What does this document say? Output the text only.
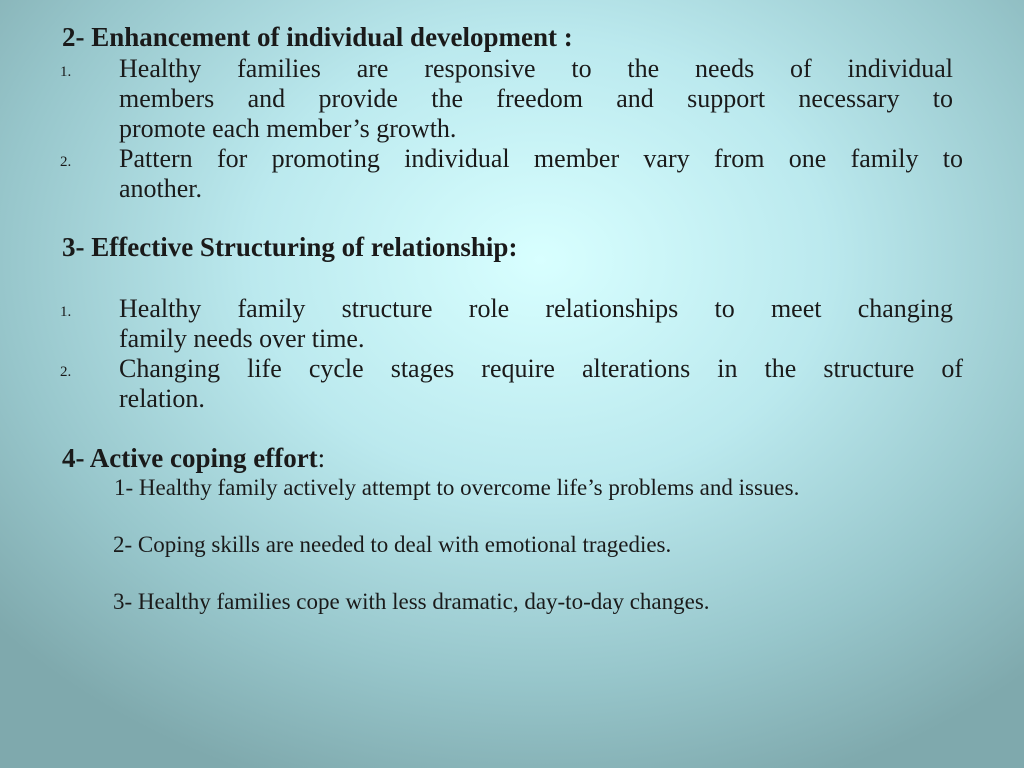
2- Enhancement of individual development :
1. Healthy families are responsive to the needs of individual
members and provide the freedom and support necessary to
promote each member’s growth.
2. Pattern for promoting individual member vary from one family to
another.
3- Effective Structuring of relationship:
1. Healthy family structure role relationships to meet changing
family needs over time.
2. Changing life cycle stages require alterations in the structure of
relation.
4- Active coping effort:
1- Healthy family actively attempt to overcome life’s problems and issues.
2- Coping skills are needed to deal with emotional tragedies.
3- Healthy families cope with less dramatic, day-to-day changes.
